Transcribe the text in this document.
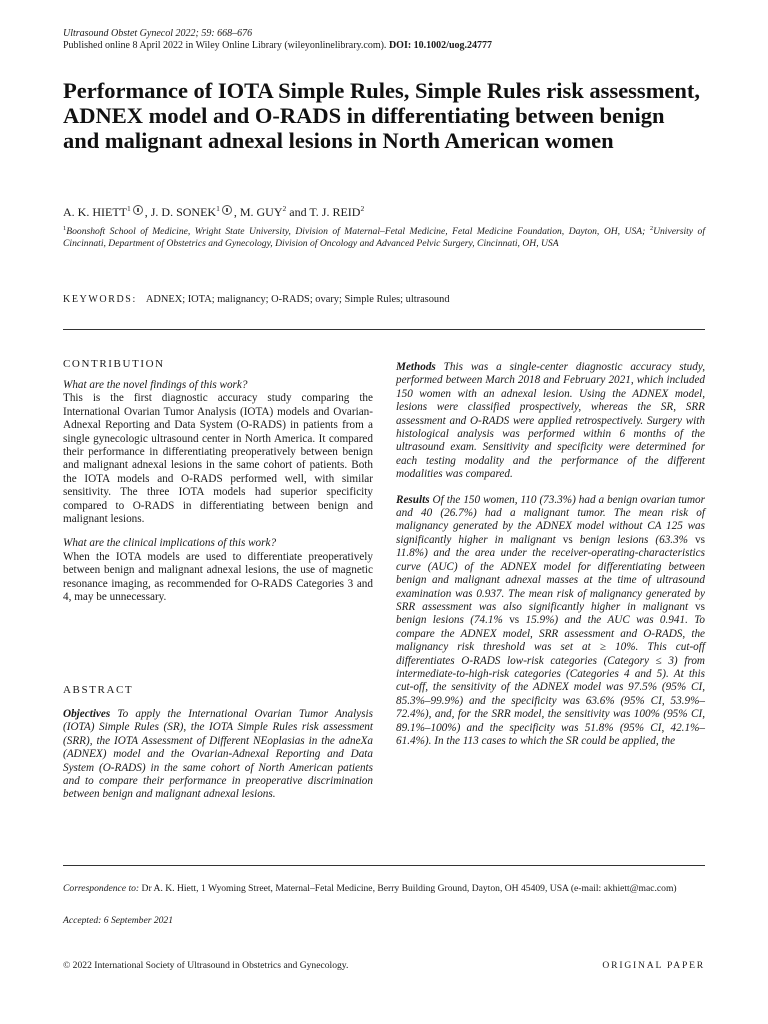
Ultrasound Obstet Gynecol 2022; 59: 668–676
Published online 8 April 2022 in Wiley Online Library (wileyonlinelibrary.com). DOI: 10.1002/uog.24777
Performance of IOTA Simple Rules, Simple Rules risk assessment, ADNEX model and O-RADS in differentiating between benign and malignant adnexal lesions in North American women
A. K. HIETT$^1$ , J. D. SONEK$^1$ , M. GUY$^2$ and T. J. REID$^2$
$^1$Boonshoft School of Medicine, Wright State University, Division of Maternal–Fetal Medicine, Fetal Medicine Foundation, Dayton, OH, USA; $^2$University of Cincinnati, Department of Obstetrics and Gynecology, Division of Oncology and Advanced Pelvic Surgery, Cincinnati, OH, USA
KEYWORDS: ADNEX; IOTA; malignancy; O-RADS; ovary; Simple Rules; ultrasound
CONTRIBUTION

What are the novel findings of this work?

This is the first diagnostic accuracy study comparing the International Ovarian Tumor Analysis (IOTA) models and Ovarian-Adnexal Reporting and Data System (O-RADS) in patients from a single gynecologic ultrasound center in North America. It compared their performance in differentiating preoperatively between benign and malignant adnexal lesions in the same cohort of patients. Both the IOTA models and O-RADS performed well, with similar sensitivity. The three IOTA models had superior specificity compared to O-RADS in differentiating between benign and malignant lesions.

What are the clinical implications of this work?

When the IOTA models are used to differentiate preoperatively between benign and malignant adnexal lesions, the use of magnetic resonance imaging, as recommended for O-RADS Categories 3 and 4, may be unnecessary.

ABSTRACT

Objectives To apply the International Ovarian Tumor Analysis (IOTA) Simple Rules (SR), the IOTA Simple Rules risk assessment (SRR), the IOTA Assessment of Different NEoplasias in the adneXa (ADNEX) model and the Ovarian-Adnexal Reporting and Data System (O-RADS) in the same cohort of North American patients and to compare their performance in preoperative discrimination between benign and malignant adnexal lesions.

Methods This was a single-center diagnostic accuracy study, performed between March 2018 and February 2021, which included 150 women with an adnexal lesion. Using the ADNEX model, lesions were classified prospectively, whereas the SR, SRR assessment and O-RADS were applied retrospectively. Surgery with histological analysis was performed within 6 months of the ultrasound exam. Sensitivity and specificity were determined for each testing modality and the performance of the different modalities was compared.

Results Of the 150 women, 110 (73.3%) had a benign ovarian tumor and 40 (26.7%) had a malignant tumor. The mean risk of malignancy generated by the ADNEX model without CA 125 was significantly higher in malignant vs benign lesions (63.3% vs 11.8%) and the area under the receiver-operating-characteristics curve (AUC) of the ADNEX model for differentiating between benign and malignant adnexal masses at the time of ultrasound examination was 0.937. The mean risk of malignancy generated by SRR assessment was also significantly higher in malignant vs benign lesions (74.1% vs 15.9%) and the AUC was 0.941. To compare the ADNEX model, SRR assessment and O-RADS, the malignancy risk threshold was set at ≥ 10%. This cut-off differentiates O-RADS low-risk categories (Category ≤ 3) from intermediate-to-high-risk categories (Categories 4 and 5). At this cut-off, the sensitivity of the ADNEX model was 97.5% (95% CI, 85.3%–99.9%) and the specificity was 63.6% (95% CI, 53.9%–72.4%), and, for the SRR model, the sensitivity was 100% (95% CI, 89.1%–100%) and the specificity was 51.8% (95% CI, 42.1%–61.4%). In the 113 cases to which the SR could be applied, the

Correspondence to: Dr A. K. Hiett, 1 Wyoming Street, Maternal–Fetal Medicine, Berry Building Ground, Dayton, OH 45409, USA (e-mail: akhiett@mac.com)
Accepted: 6 September 2021
© 2022 International Society of Ultrasound in Obstetrics and Gynecology.	ORIGINAL PAPER
